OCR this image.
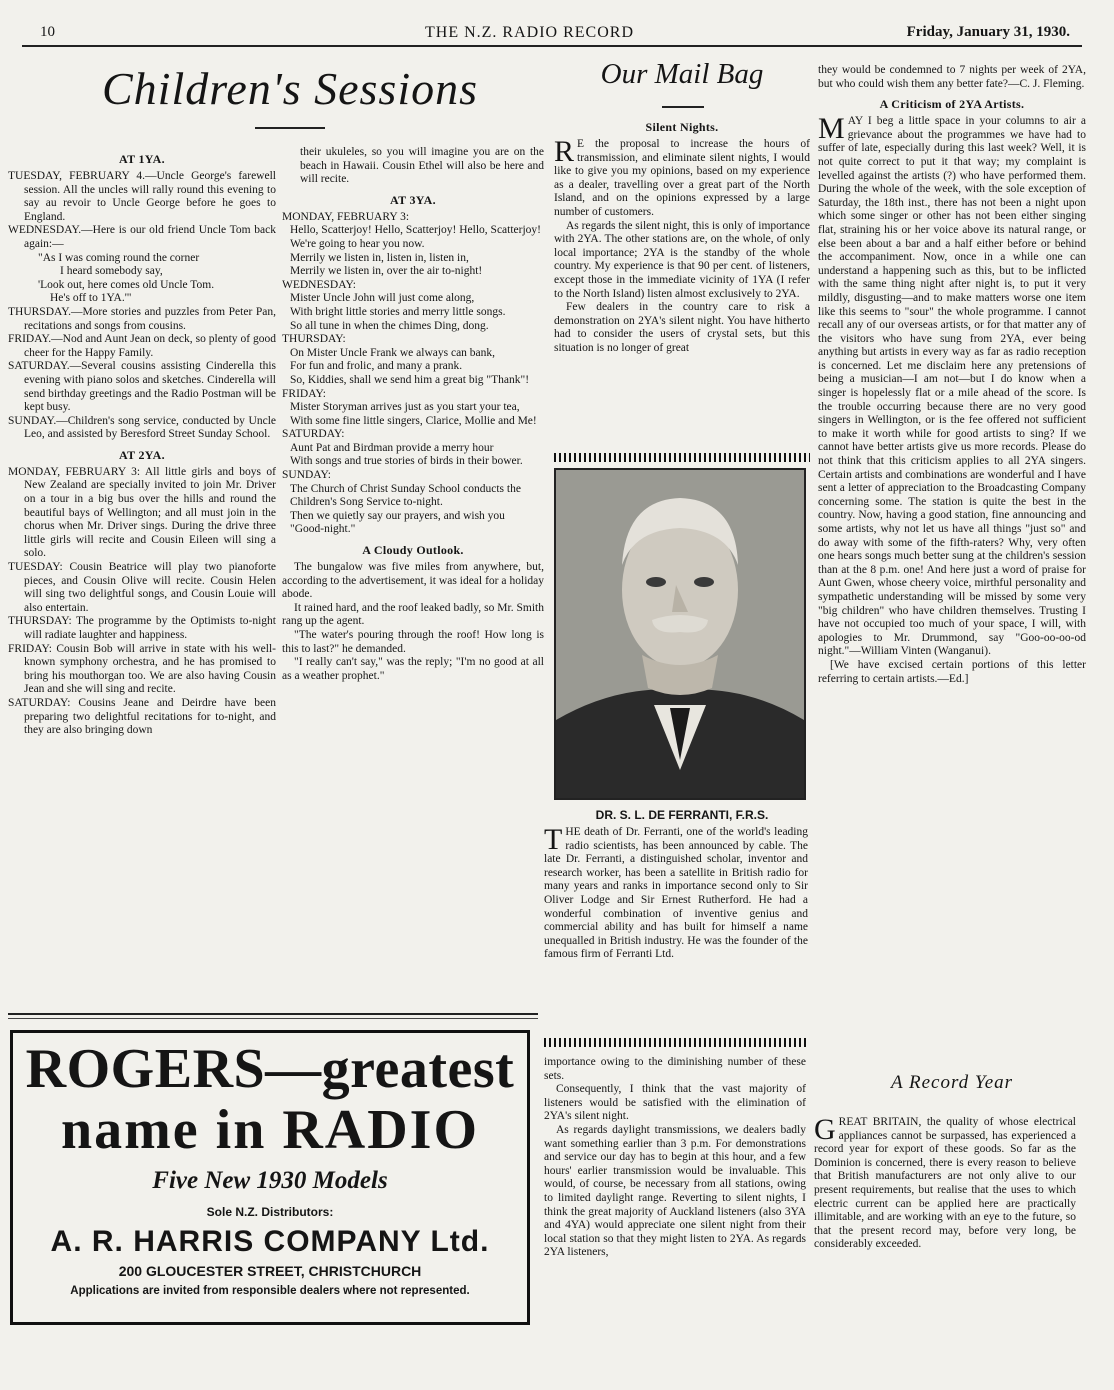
10	THE N.Z. RADIO RECORD	Friday, January 31, 1930.
Children's Sessions
AT 1YA.

TUESDAY, FEBRUARY 4.—Uncle George's farewell session. All the uncles will rally round this evening to say au revoir to Uncle George before he goes to England.

WEDNESDAY.—Here is our old friend Uncle Tom back again:—

"As I was coming round the corner
I heard somebody say,
'Look out, here comes old Uncle Tom.
He's off to 1YA.'"

THURSDAY.—More stories and puzzles from Peter Pan, recitations and songs from cousins.

FRIDAY.—Nod and Aunt Jean on deck, so plenty of good cheer for the Happy Family.

SATURDAY.—Several cousins assisting Cinderella this evening with piano solos and sketches. Cinderella will send birthday greetings and the Radio Postman will be kept busy.

SUNDAY.—Children's song service, conducted by Uncle Leo, and assisted by Beresford Street Sunday School.

AT 2YA.

MONDAY, FEBRUARY 3: All little girls and boys of New Zealand are specially invited to join Mr. Driver on a tour in a big bus over the hills and round the beautiful bays of Wellington; and all must join in the chorus when Mr. Driver sings. During the drive three little girls will recite and Cousin Eileen will sing a solo.

TUESDAY: Cousin Beatrice will play two pianoforte pieces, and Cousin Olive will recite. Cousin Helen will sing two delightful songs, and Cousin Louie will also entertain.

THURSDAY: The programme by the Optimists to-night will radiate laughter and happiness.

FRIDAY: Cousin Bob will arrive in state with his well-known symphony orchestra, and he has promised to bring his mouthorgan too. We are also having Cousin Jean and she will sing and recite.

SATURDAY: Cousins Jeane and Deirdre have been preparing two delightful recitations for to-night, and they are also bringing down

their ukuleles, so you will imagine you are on the beach in Hawaii. Cousin Ethel will also be here and will recite.

AT 3YA.
MONDAY, FEBRUARY 3:
Hello, Scatterjoy! Hello, Scatterjoy! Hello, Scatterjoy!
We're going to hear you now.
Merrily we listen in, listen in, listen in,
Merrily we listen in, over the air to-night!
WEDNESDAY:
Mister Uncle John will just come along,
With bright little stories and merry little songs.
So all tune in when the chimes Ding, dong.
THURSDAY:
On Mister Uncle Frank we always can bank,
For fun and frolic, and many a prank.
So, Kiddies, shall we send him a great big "Thank"!
FRIDAY:
Mister Storyman arrives just as you start your tea,
With some fine little singers, Clarice, Mollie and Me!
SATURDAY:
Aunt Pat and Birdman provide a merry hour
With songs and true stories of birds in their bower.
SUNDAY:
The Church of Christ Sunday School conducts the
Children's Song Service to-night.
Then we quietly say our prayers, and wish you
"Good-night."
A Cloudy Outlook.

The bungalow was five miles from anywhere, but, according to the advertisement, it was ideal for a holiday abode.

It rained hard, and the roof leaked badly, so Mr. Smith rang up the agent.

"The water's pouring through the roof! How long is this to last?" he demanded.

"I really can't say," was the reply; "I'm no good at all as a weather prophet."

ROGERS—greatest
name in RADIO
Five New 1930 Models
Sole N.Z. Distributors:
A. R. HARRIS COMPANY Ltd.
200 GLOUCESTER STREET, CHRISTCHURCH
Applications are invited from responsible dealers where not represented.
Our Mail Bag
Silent Nights.

R E the proposal to increase the hours of transmission, and eliminate silent nights, I would like to give you my opinions, based on my experience as a dealer, travelling over a great part of the North Island, and on the opinions expressed by a large number of customers.

As regards the silent night, this is only of importance with 2YA. The other stations are, on the whole, of only local importance; 2YA is the standby of the whole country. My experience is that 90 per cent. of listeners, except those in the immediate vicinity of 1YA (I refer to the North Island) listen almost exclusively to 2YA.

Few dealers in the country care to risk a demonstration on 2YA's silent night. You have hitherto had to consider the users of crystal sets, but this situation is no longer of great

DR. S. L. DE FERRANTI, F.R.S.

THE death of Dr. Ferranti, one of the world's leading radio scientists, has been announced by cable. The late Dr. Ferranti, a distinguished scholar, inventor and research worker, has been a satellite in British radio for many years and ranks in importance second only to Sir Oliver Lodge and Sir Ernest Rutherford. He had a wonderful combination of inventive genius and commercial ability and has built for himself a name unequalled in British industry. He was the founder of the famous firm of Ferranti Ltd.

importance owing to the diminishing number of these sets.

Consequently, I think that the vast majority of listeners would be satisfied with the elimination of 2YA's silent night.

As regards daylight transmissions, we dealers badly want something earlier than 3 p.m. For demonstrations and service our day has to begin at this hour, and a few hours' earlier transmission would be invaluable. This would, of course, be necessary from all stations, owing to limited daylight range. Reverting to silent nights, I think the great majority of Auckland listeners (also 3YA and 4YA) would appreciate one silent night from their local station so that they might listen to 2YA. As regards 2YA listeners,

they would be condemned to 7 nights per week of 2YA, but who could wish them any better fate?—C. J. Fleming.

A Criticism of 2YA Artists.

MAY I beg a little space in your columns to air a grievance about the programmes we have had to suffer of late, especially during this last week? Well, it is not quite correct to put it that way; my complaint is levelled against the artists (?) who have performed them. During the whole of the week, with the sole exception of Saturday, the 18th inst., there has not been a night upon which some singer or other has not been either singing flat, straining his or her voice above its natural range, or else been about a bar and a half either before or behind the accompaniment. Now, once in a while one can understand a happening such as this, but to be inflicted with the same thing night after night is, to put it very mildly, disgusting—and to make matters worse one item like this seems to "sour" the whole programme. I cannot recall any of our overseas artists, or for that matter any of the visitors who have sung from 2YA, ever being anything but artists in every way as far as radio reception is concerned. Let me disclaim here any pretensions of being a musician—I am not—but I do know when a singer is hopelessly flat or a mile ahead of the score. Is the trouble occurring because there are no very good singers in Wellington, or is the fee offered not sufficient to make it worth while for good artists to sing? If we cannot have better artists give us more records. Please do not think that this criticism applies to all 2YA singers. Certain artists and combinations are wonderful and I have sent a letter of appreciation to the Broadcasting Company concerning some. The station is quite the best in the country. Now, having a good station, fine announcing and some artists, why not let us have all things "just so" and do away with some of the fifth-raters? Why, very often one hears songs much better sung at the children's session than at the 8 p.m. one! And here just a word of praise for Aunt Gwen, whose cheery voice, mirthful personality and sympathetic understanding will be missed by some very "big children" who have children themselves. Trusting I have not occupied too much of your space, I will, with apologies to Mr. Drummond, say "Goo-oo-oo-od night."—William Vinten (Wanganui).

[We have excised certain portions of this letter referring to certain artists.—Ed.]

A Record Year

GREAT BRITAIN, the quality of whose electrical appliances cannot be surpassed, has experienced a record year for export of these goods. So far as the Dominion is concerned, there is every reason to believe that British manufacturers are not only alive to our present requirements, but realise that the uses to which electric current can be applied here are practically illimitable, and are working with an eye to the future, so that the present record may, before very long, be considerably exceeded.
